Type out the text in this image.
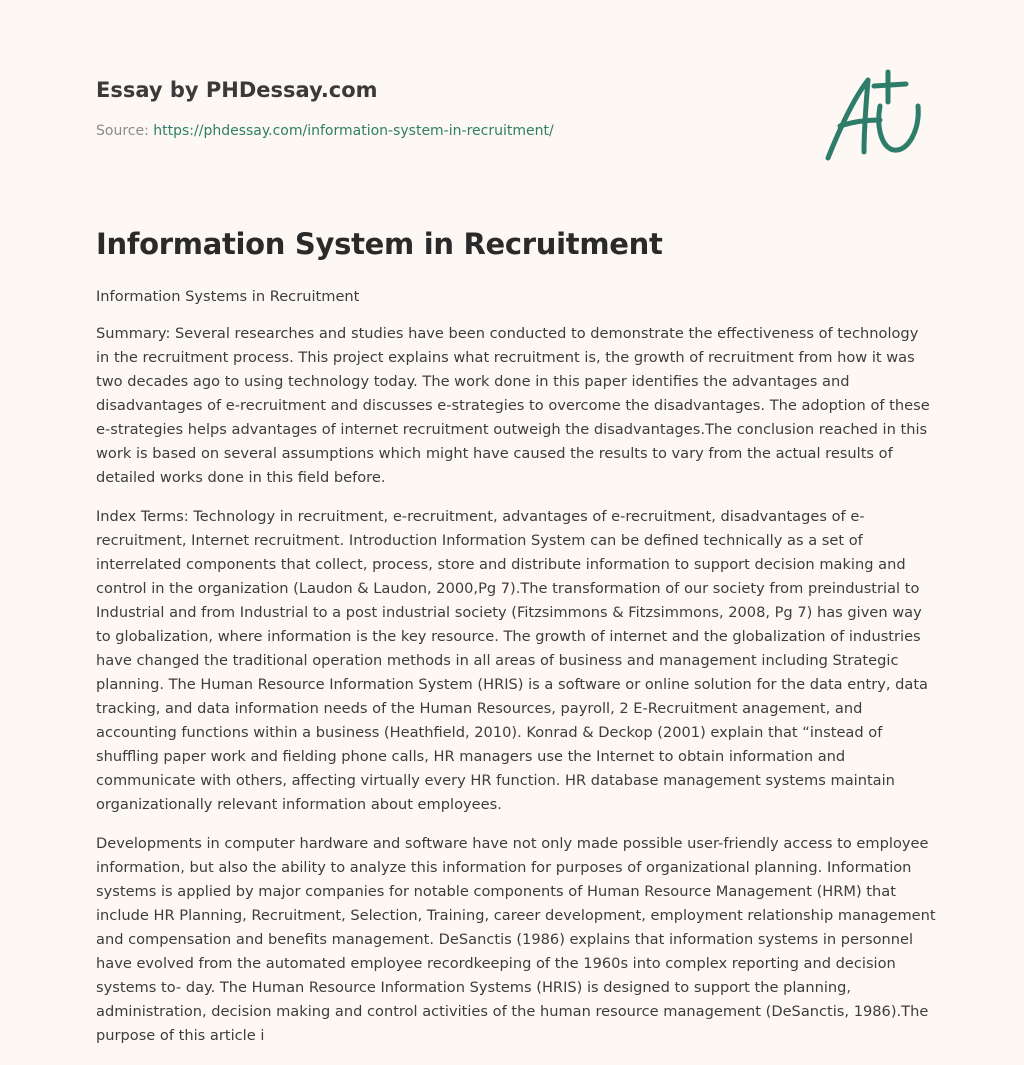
Essay by PHDessay.com

Source: https://phdessay.com/information-system-in-recruitment/
Information System in Recruitment

Information Systems in Recruitment

Summary: Several researches and studies have been conducted to demonstrate the effectiveness of technology in the recruitment process. This project explains what recruitment is, the growth of recruitment from how it was two decades ago to using technology today. The work done in this paper identifies the advantages and disadvantages of e-recruitment and discusses e-strategies to overcome the disadvantages. The adoption of these e-strategies helps advantages of internet recruitment outweigh the disadvantages.The conclusion reached in this work is based on several assumptions which might have caused the results to vary from the actual results of detailed works done in this field before.

Index Terms: Technology in recruitment, e-recruitment, advantages of e-recruitment, disadvantages of e-recruitment, Internet recruitment. Introduction Information System can be defined technically as a set of interrelated components that collect, process, store and distribute information to support decision making and control in the organization (Laudon & Laudon, 2000,Pg 7).The transformation of our society from preindustrial to Industrial and from Industrial to a post industrial society (Fitzsimmons & Fitzsimmons, 2008, Pg 7) has given way to globalization, where information is the key resource. The growth of internet and the globalization of industries have changed the traditional operation methods in all areas of business and management including Strategic planning. The Human Resource Information System (HRIS) is a software or online solution for the data entry, data tracking, and data information needs of the Human Resources, payroll, 2 E-Recruitment anagement, and accounting functions within a business (Heathfield, 2010). Konrad & Deckop (2001) explain that “instead of shuffling paper work and fielding phone calls, HR managers use the Internet to obtain information and communicate with others, affecting virtually every HR function. HR database management systems maintain organizationally relevant information about employees.

Developments in computer hardware and software have not only made possible user-friendly access to employee information, but also the ability to analyze this information for purposes of organizational planning. Information systems is applied by major companies for notable components of Human Resource Management (HRM) that include HR Planning, Recruitment, Selection, Training, career development, employment relationship management and compensation and benefits management. DeSanctis (1986) explains that information systems in personnel have evolved from the automated employee recordkeeping of the 1960s into complex reporting and decision systems to- day. The Human Resource Information Systems (HRIS) is designed to support the planning, administration, decision making and control activities of the human resource management (DeSanctis, 1986).The purpose of this article i
